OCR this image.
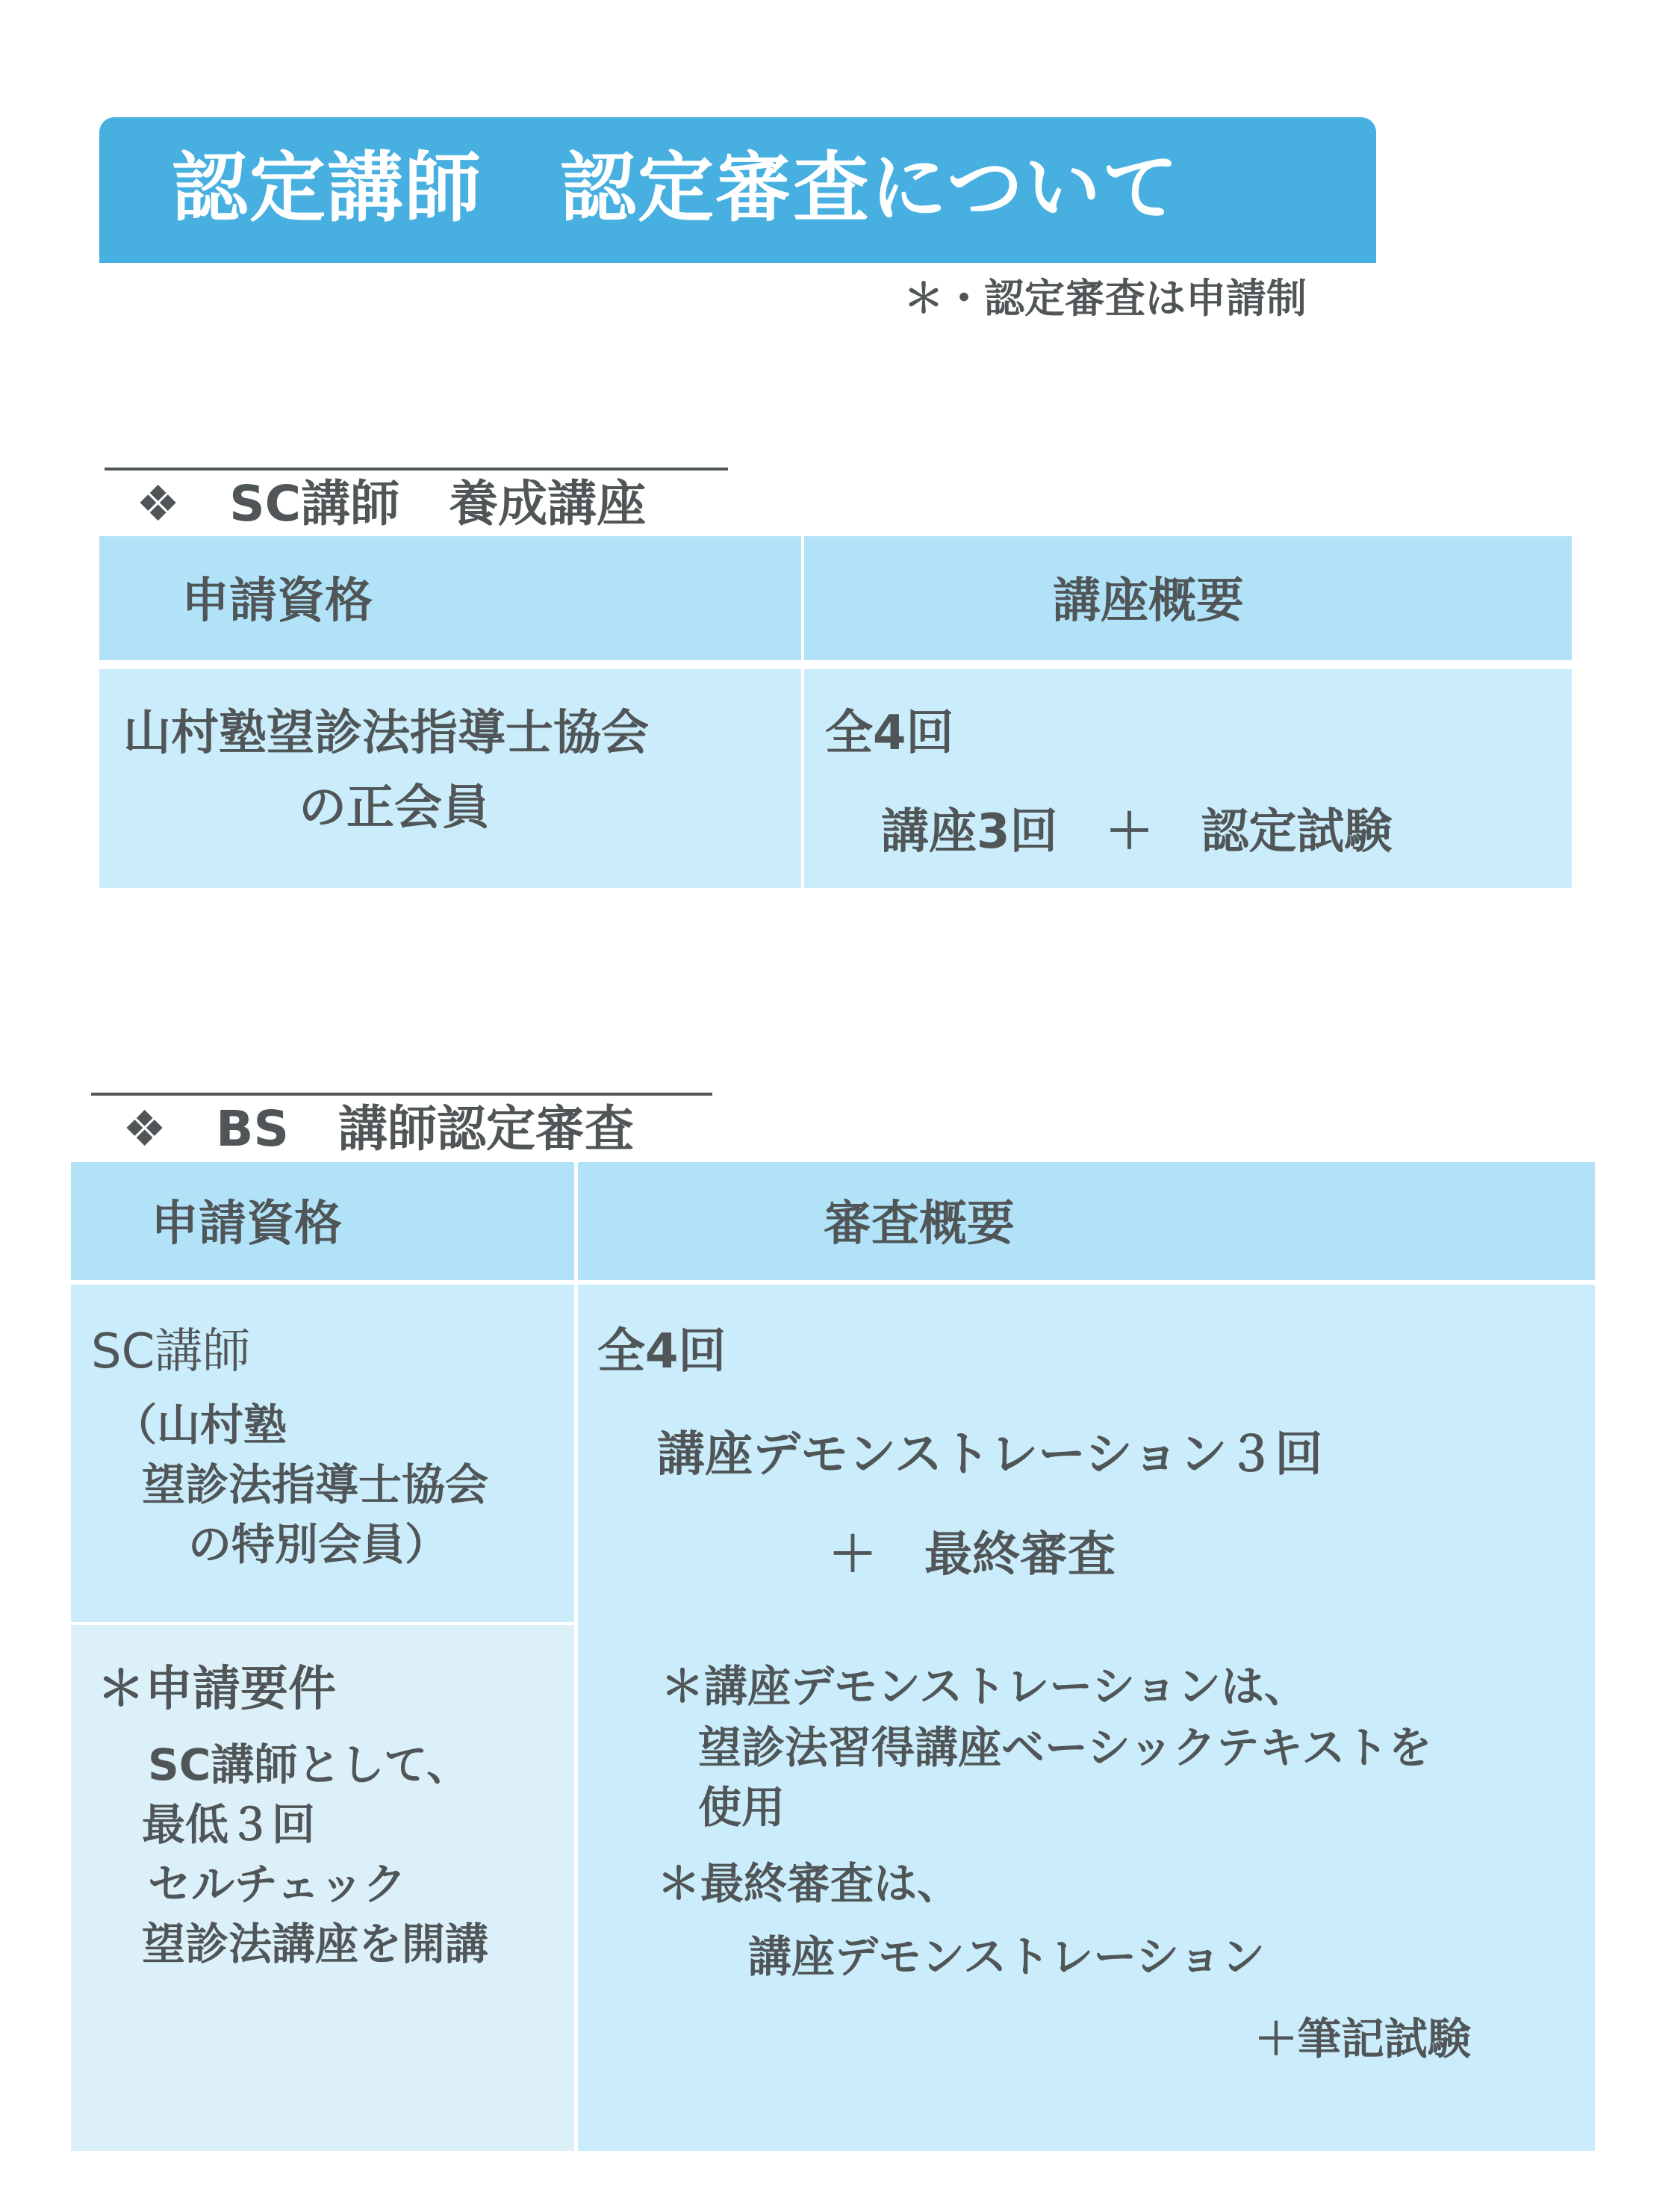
認定講師　認定審査について
＊・認定審査は申請制

❖　 SC講師　養成講座

申請資格	講座概要
山村塾望診法指導士協会
の正会員
全4回
講座3回　＋　認定試験

❖　 BS　講師認定審査

申請資格	審査概要
SC講師
（山村塾
望診法指導士協会
の特別会員）
＊申請要件
SC講師として、
最低３回
セルチェック
望診法講座を開講
全4回
講座デモンストレーション３回
＋　最終審査
＊講座デモンストレーションは、
望診法習得講座ベーシックテキストを
使用
＊最終審査は、
講座デモンストレーション
＋筆記試験
